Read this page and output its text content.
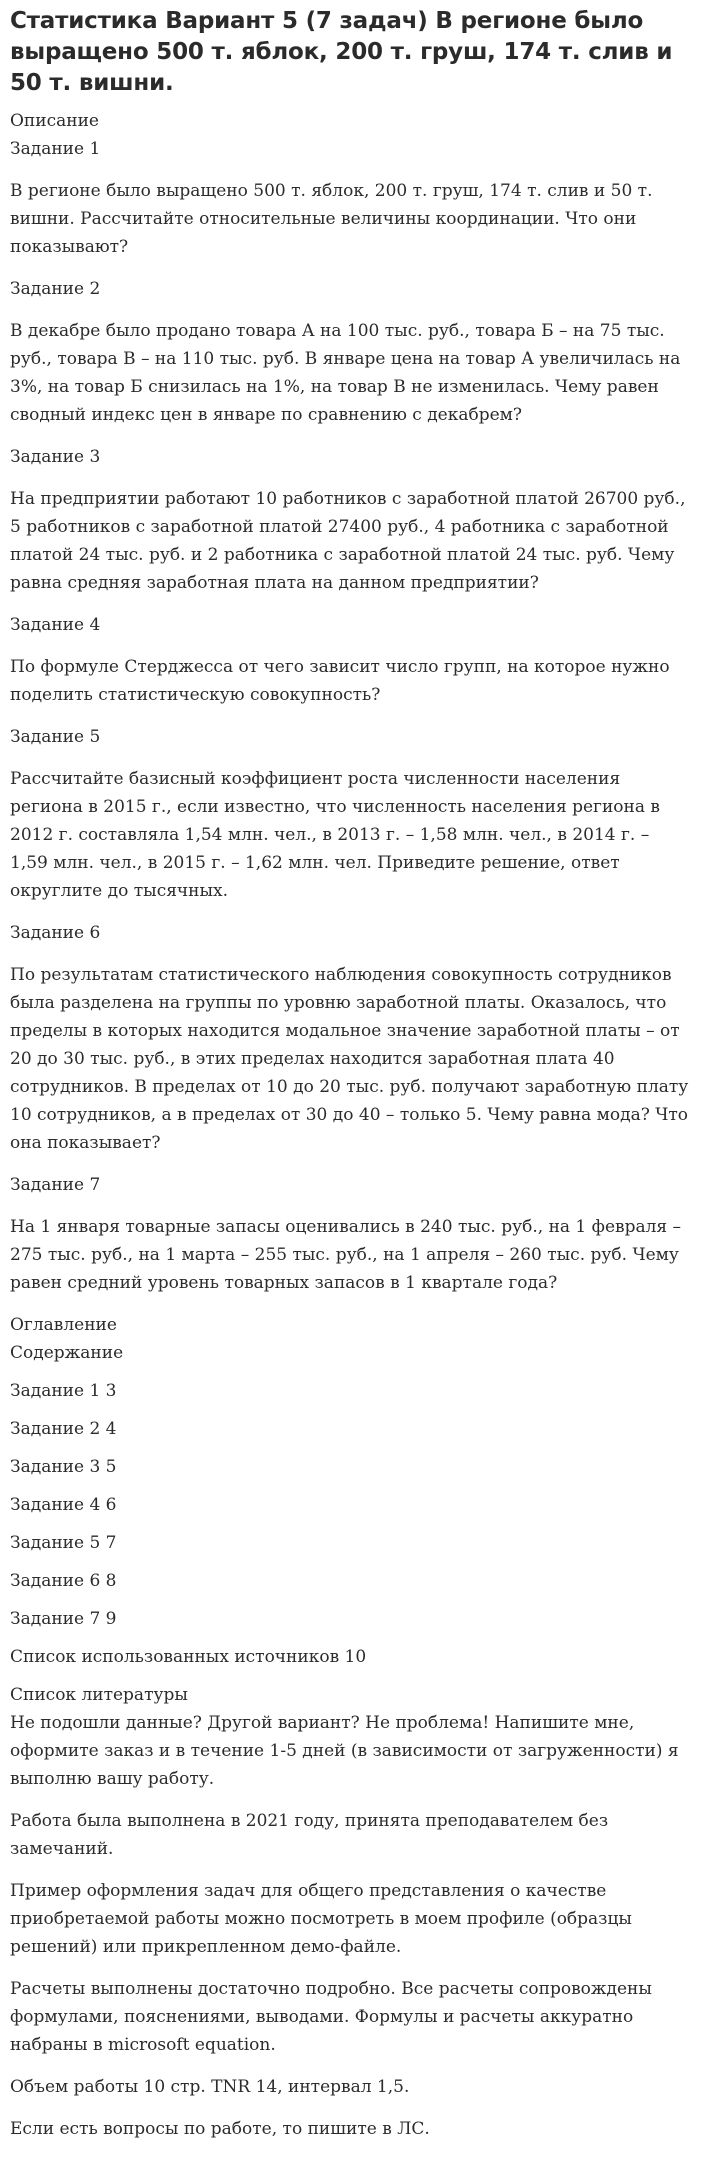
Статистика Вариант 5 (7 задач) В регионе было выращено 500 т. яблок, 200 т. груш, 174 т. слив и 50 т. вишни.

Описание

Задание 1

В регионе было выращено 500 т. яблок, 200 т. груш, 174 т. слив и 50 т. вишни. Рассчитайте относительные величины координации. Что они показывают?

Задание 2

В декабре было продано товара А на 100 тыс. руб., товара Б – на 75 тыс. руб., товара В – на 110 тыс. руб. В январе цена на товар А увеличилась на 3%, на товар Б снизилась на 1%, на товар В не изменилась. Чему равен сводный индекс цен в январе по сравнению с декабрем?

Задание 3

На предприятии работают 10 работников с заработной платой 26700 руб., 5 работников с заработной платой 27400 руб., 4 работника с заработной платой 24 тыс. руб. и 2 работника с заработной платой 24 тыс. руб. Чему равна средняя заработная плата на данном предприятии?

Задание 4

По формуле Стерджесса от чего зависит число групп, на которое нужно поделить статистическую совокупность?

Задание 5

Рассчитайте базисный коэффициент роста численности населения региона в 2015 г., если известно, что численность населения региона в 2012 г. составляла 1,54 млн. чел., в 2013 г. – 1,58 млн. чел., в 2014 г. – 1,59 млн. чел., в 2015 г. – 1,62 млн. чел. Приведите решение, ответ округлите до тысячных.

Задание 6

По результатам статистического наблюдения совокупность сотрудников была разделена на группы по уровню заработной платы. Оказалось, что пределы в которых находится модальное значение заработной платы – от 20 до 30 тыс. руб., в этих пределах находится заработная плата 40 сотрудников. В пределах от 10 до 20 тыс. руб. получают заработную плату 10 сотрудников, а в пределах от 30 до 40 – только 5. Чему равна мода? Что она показывает?

Задание 7

На 1 января товарные запасы оценивались в 240 тыс. руб., на 1 февраля – 275 тыс. руб., на 1 марта – 255 тыс. руб., на 1 апреля – 260 тыс. руб. Чему равен средний уровень товарных запасов в 1 квартале года?

Оглавление

Содержание

Задание 1 3

Задание 2 4

Задание 3 5

Задание 4 6

Задание 5 7

Задание 6 8

Задание 7 9

Список использованных источников 10

Список литературы

Не подошли данные? Другой вариант? Не проблема! Напишите мне, оформите заказ и в течение 1-5 дней (в зависимости от загруженности) я выполню вашу работу.

Работа была выполнена в 2021 году, принята преподавателем без замечаний.

Пример оформления задач для общего представления о качестве приобретаемой работы можно посмотреть в моем профиле (образцы решений) или прикрепленном демо-файле.

Расчеты выполнены достаточно подробно. Все расчеты сопровождены формулами, пояснениями, выводами. Формулы и расчеты аккуратно набраны в microsoft equation.

Объем работы 10 стр. TNR 14, интервал 1,5.

Если есть вопросы по работе, то пишите в ЛС.
